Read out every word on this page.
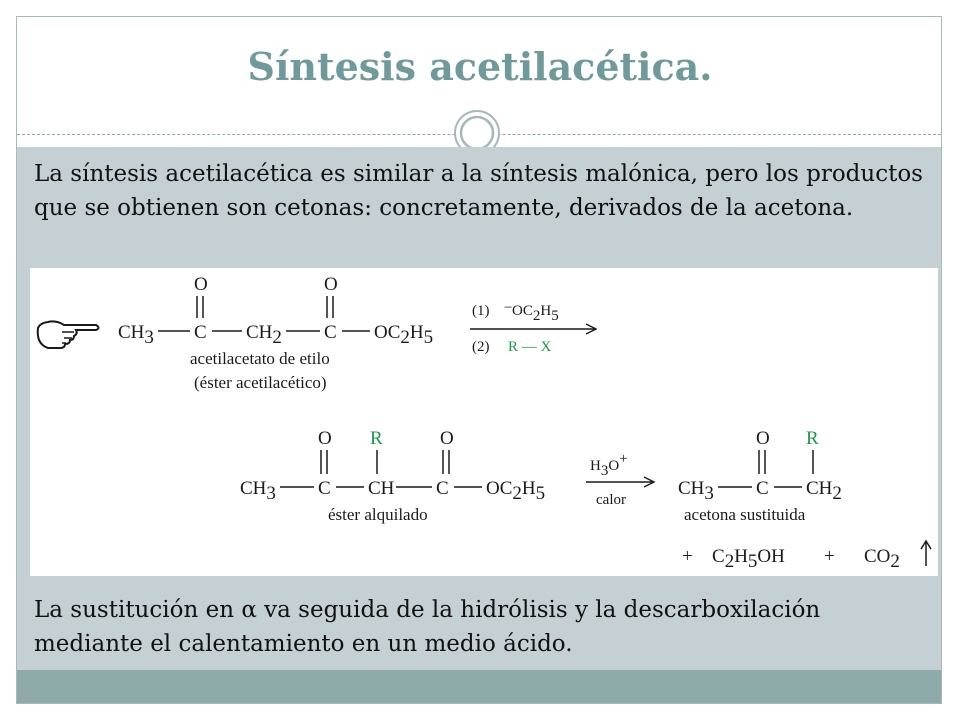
Síntesis acetilacética.
La síntesis acetilacética es similar a la síntesis malónica, pero los productos que se obtienen son cetonas: concretamente, derivados de la acetona.
CH3 C
O
CH2 C
O
OC2H5
acetilacetato de etilo
(éster acetilacético)
(1) − OC2H5
(2) R — X
CH3 C
O
CH
R
C
O
OC2H5
éster alquilado
H3O+
calor
CH3 C
O
CH2
R
acetona sustituida
+ C2H5OH + CO2
La sustitución en α va seguida de la hidrólisis y la descarboxilación mediante el calentamiento en un medio ácido.
